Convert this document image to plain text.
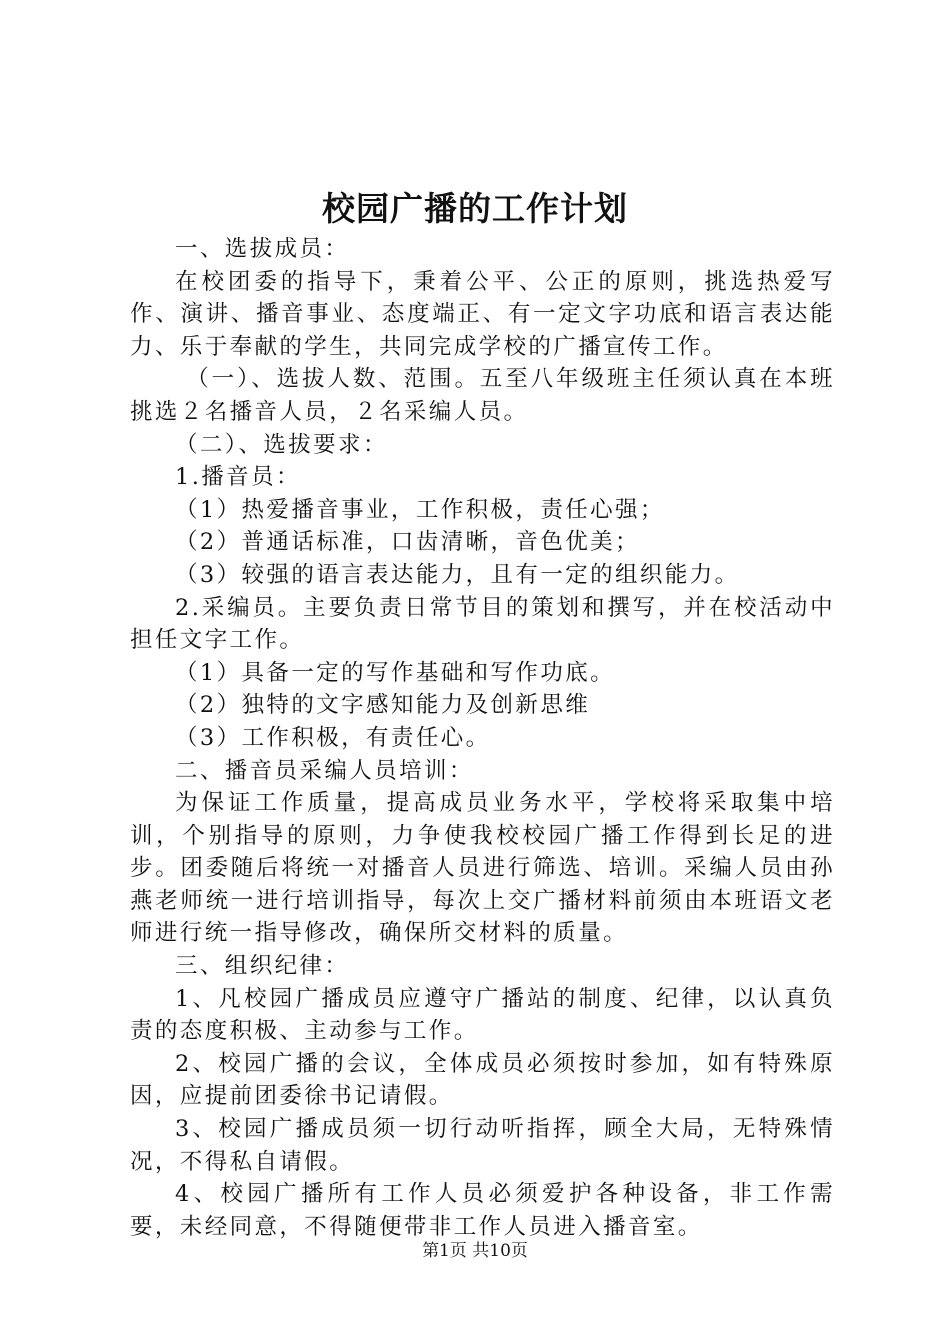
校园广播的工作计划

一、选拔成员：

在校团委的指导下，秉着公平、公正的原则，挑选热爱写作、演讲、播音事业、态度端正、有一定文字功底和语言表达能力、乐于奉献的学生，共同完成学校的广播宣传工作。

（一）、选拔人数、范围。五至八年级班主任须认真在本班挑选２名播音人员，２名采编人员。

（二）、选拔要求：

1.播音员：

（1）热爱播音事业，工作积极，责任心强；

（2）普通话标准，口齿清晰，音色优美；

（3）较强的语言表达能力，且有一定的组织能力。

2.采编员。主要负责日常节目的策划和撰写，并在校活动中担任文字工作。

（1）具备一定的写作基础和写作功底。

（2）独特的文字感知能力及创新思维

（3）工作积极，有责任心。

二、播音员采编人员培训：

为保证工作质量，提高成员业务水平，学校将采取集中培训，个别指导的原则，力争使我校校园广播工作得到长足的进步。团委随后将统一对播音人员进行筛选、培训。采编人员由孙燕老师统一进行培训指导，每次上交广播材料前须由本班语文老师进行统一指导修改，确保所交材料的质量。

三、组织纪律：

1、凡校园广播成员应遵守广播站的制度、纪律，以认真负责的态度积极、主动参与工作。

2、校园广播的会议，全体成员必须按时参加，如有特殊原因，应提前团委徐书记请假。

3、校园广播成员须一切行动听指挥，顾全大局，无特殊情况，不得私自请假。

4、校园广播所有工作人员必须爱护各种设备，非工作需要，未经同意，不得随便带非工作人员进入播音室。

第1页 共10页
